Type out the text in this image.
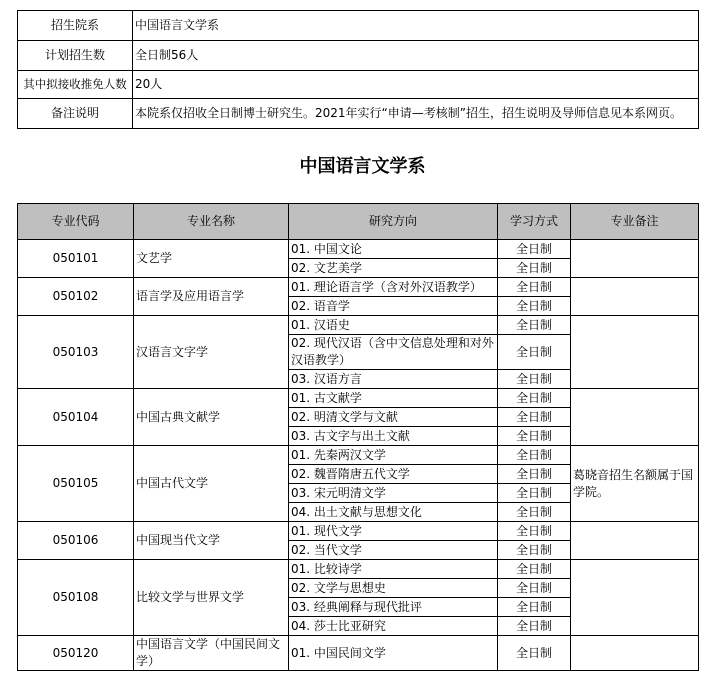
招生院系	中国语言文学系
计划招生数	全日制56人
其中拟接收推免人数	20人
备注说明	本院系仅招收全日制博士研究生。2021年实行“申请—考核制”招生，招生说明及导师信息见本系网页。
中国语言文学系
专业代码	专业名称	研究方向	学习方式	专业备注
050101	文艺学	01. 中国文论	全日制	
		02. 文艺美学	全日制	
050102	语言学及应用语言学	01. 理论语言学（含对外汉语教学）	全日制	
		02. 语音学	全日制	
050103	汉语言文字学	01. 汉语史	全日制	
		02. 现代汉语（含中文信息处理和对外汉语教学）	全日制	
		03. 汉语方言	全日制	
050104	中国古典文献学	01. 古文献学	全日制	
		02. 明清文学与文献	全日制	
		03. 古文字与出土文献	全日制	
050105	中国古代文学	01. 先秦两汉文学	全日制	葛晓音招生名额属于国学院。
		02. 魏晋隋唐五代文学	全日制	
		03. 宋元明清文学	全日制	
		04. 出土文献与思想文化	全日制	
050106	中国现当代文学	01. 现代文学	全日制	
		02. 当代文学	全日制	
050108	比较文学与世界文学	01. 比较诗学	全日制	
		02. 文学与思想史	全日制	
		03. 经典阐释与现代批评	全日制	
		04. 莎士比亚研究	全日制	
050120	中国语言文学（中国民间文学）	01. 中国民间文学	全日制	
